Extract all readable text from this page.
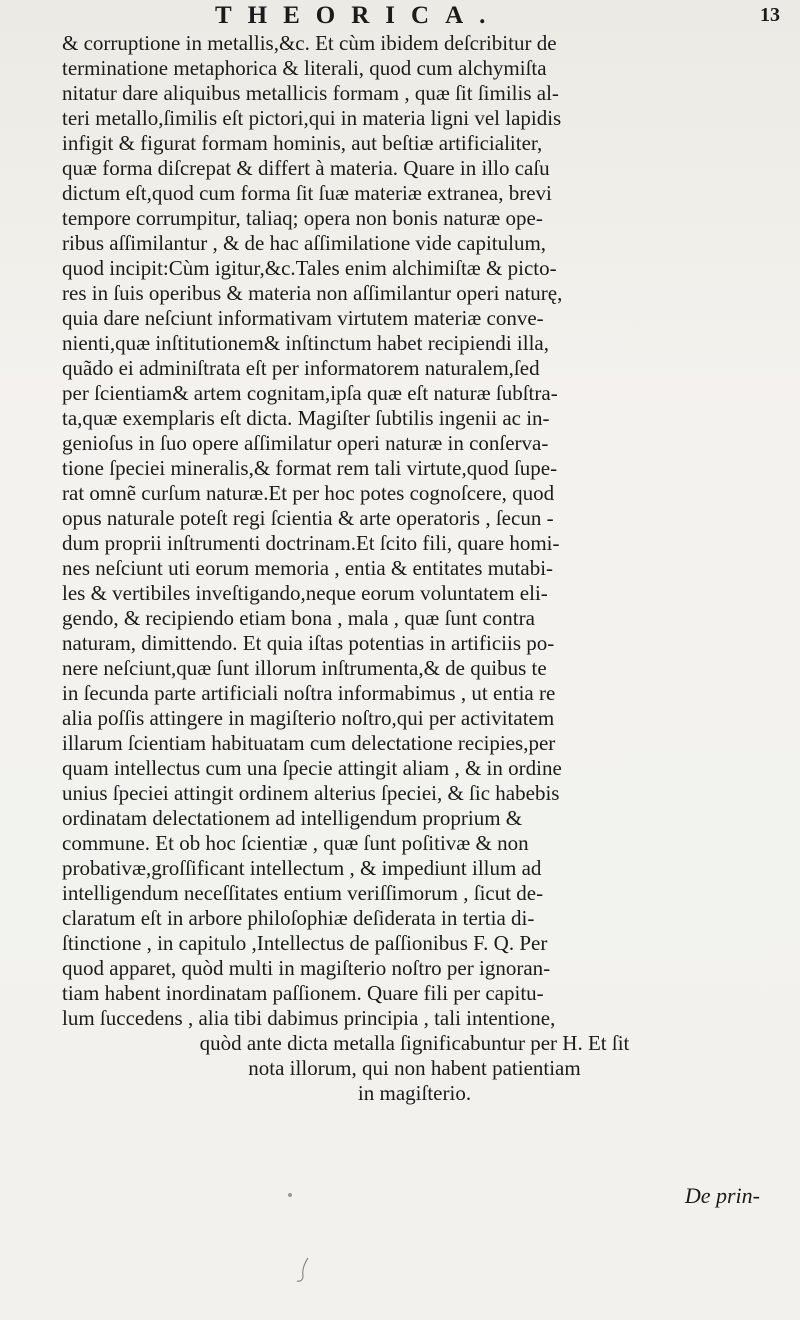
THEORICA.	13
& corruptione in metallis,&c. Et cùm ibidem deſcribitur de
terminatione metaphorica & literali, quod cum alchymiſta
nitatur dare aliquibus metallicis formam , quæ ſit ſimilis al-
teri metallo,ſimilis eſt pictori,qui in materia ligni vel lapidis
infigit & figurat formam hominis, aut beſtiæ artificialiter,
quæ forma diſcrepat & differt à materia. Quare in illo caſu
dictum eſt,quod cum forma ſit ſuæ materiæ extranea, brevi
tempore corrumpitur, taliaq; opera non bonis naturæ ope-
ribus aſſimilantur , & de hac aſſimilatione vide capitulum,
quod incipit:Cùm igitur,&c.Tales enim alchimiſtæ & picto-
res in ſuis operibus & materia non aſſimilantur operi naturę,
quia dare neſciunt informativam virtutem materiæ conve-
nienti,quæ inſtitutionem& inſtinctum habet recipiendi illa,
quãdo ei adminiſtrata eſt per informatorem naturalem,ſed
per ſcientiam& artem cognitam,ipſa quæ eſt naturæ ſubſtra-
ta,quæ exemplaris eſt dicta. Magiſter ſubtilis ingenii ac in-
genioſus in ſuo opere aſſimilatur operi naturæ in conſerva-
tione ſpeciei mineralis,& format rem tali virtute,quod ſupe-
rat omnẽ curſum naturæ.Et per hoc potes cognoſcere, quod
opus naturale poteſt regi ſcientia & arte operatoris , ſecun -
dum proprii inſtrumenti doctrinam.Et ſcito fili, quare homi-
nes neſciunt uti eorum memoria , entia & entitates mutabi-
les & vertibiles inveſtigando,neque eorum voluntatem eli-
gendo, & recipiendo etiam bona , mala , quæ ſunt contra
naturam, dimittendo. Et quia iſtas potentias in artificiis po-
nere neſciunt,quæ ſunt illorum inſtrumenta,& de quibus te
in ſecunda parte artificiali noſtra informabimus , ut entia re
alia poſſis attingere in magiſterio noſtro,qui per activitatem
illarum ſcientiam habituatam cum delectatione recipies,per
quam intellectus cum una ſpecie attingit aliam , & in ordine
unius ſpeciei attingit ordinem alterius ſpeciei, & ſic habebis
ordinatam delectationem ad intelligendum proprium &
commune. Et ob hoc ſcientiæ , quæ ſunt poſitivæ & non
probativæ,groſſificant intellectum , & impediunt illum ad
intelligendum neceſſitates entium veriſſimorum , ſicut de-
claratum eſt in arbore philoſophiæ deſiderata in tertia di-
ſtinctione , in capitulo ,Intellectus de paſſionibus F. Q. Per
quod apparet, quòd multi in magiſterio noſtro per ignoran-
tiam habent inordinatam paſſionem. Quare fili per capitu-
lum ſuccedens , alia tibi dabimus principia , tali intentione,
quòd ante dicta metalla ſignificabuntur per H. Et ſit
nota illorum, qui non habent patientiam
in magiſterio.
De prin-
